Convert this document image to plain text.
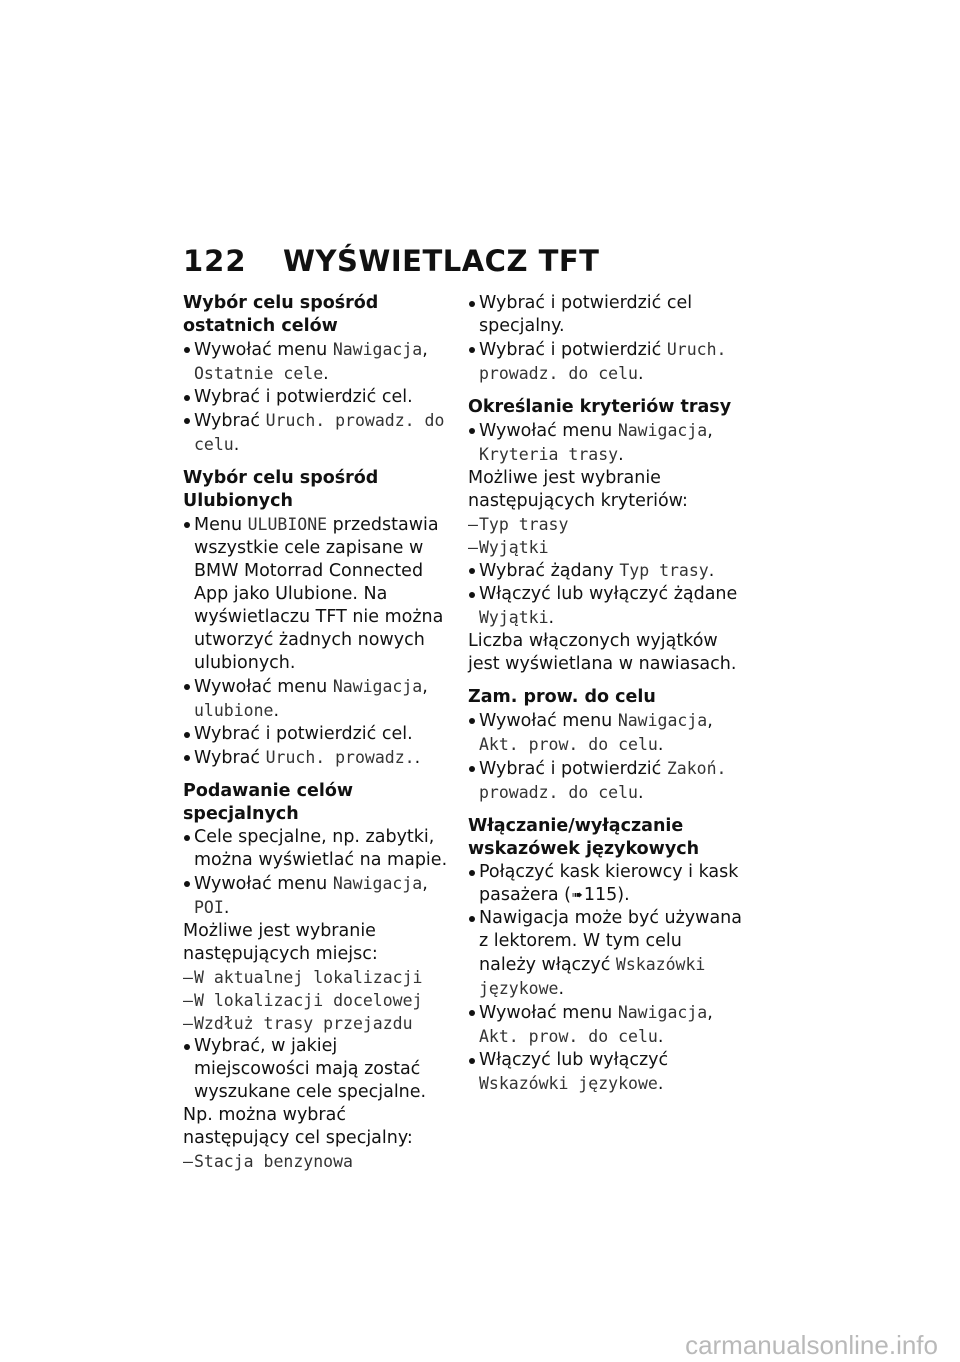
122 WYŚWIETLACZ TFT

Wybór celu spośród ostatnich celów

Wywołać menu Nawigacja,
Ostatnie cele.

Wybrać i potwierdzić cel.

Wybrać Uruch. prowadz. do celu.

Wybór celu spośród Ulubionych

Menu ULUBIONE przedstawia wszystkie cele zapisane w BMW Motorrad Connected App jako Ulubione. Na wyświetlaczu TFT nie można utworzyć żadnych nowych ulubionych.

Wywołać menu Nawigacja,
ulubione.

Wybrać i potwierdzić cel.

Wybrać Uruch. prowadz..

Podawanie celów specjalnych

Cele specjalne, np. zabytki, można wyświetlać na mapie.

Wywołać menu Nawigacja,
POI.

Możliwe jest wybranie następujących miejsc:

– W aktualnej lokalizacji

– W lokalizacji docelowej

– Wzdłuż trasy przejazdu

Wybrać, w jakiej miejscowości mają zostać wyszukane cele specjalne.

Np. można wybrać następujący cel specjalny:

– Stacja benzynowa

Wybrać i potwierdzić cel specjalny.

Wybrać i potwierdzić Uruch. prowadz. do celu.

Określanie kryteriów trasy

Wywołać menu Nawigacja,
Kryteria trasy.

Możliwe jest wybranie następujących kryteriów:

– Typ trasy

– Wyjątki

Wybrać żądany Typ trasy.

Włączyć lub wyłączyć żądane
Wyjątki.

Liczba włączonych wyjątków jest wyświetlana w nawiasach.

Zam. prow. do celu

Wywołać menu Nawigacja,
Akt. prow. do celu.

Wybrać i potwierdzić Zakoń. prowadz. do celu.

Włączanie/wyłączanie wskazówek językowych

Połączyć kask kierowcy i kask pasażera (➠115).

Nawigacja może być używana z lektorem. W tym celu należy włączyć Wskazówki językowe.

Wywołać menu Nawigacja,
Akt. prow. do celu.

Włączyć lub wyłączyć Wskazówki językowe.

carmanualsonline.info
